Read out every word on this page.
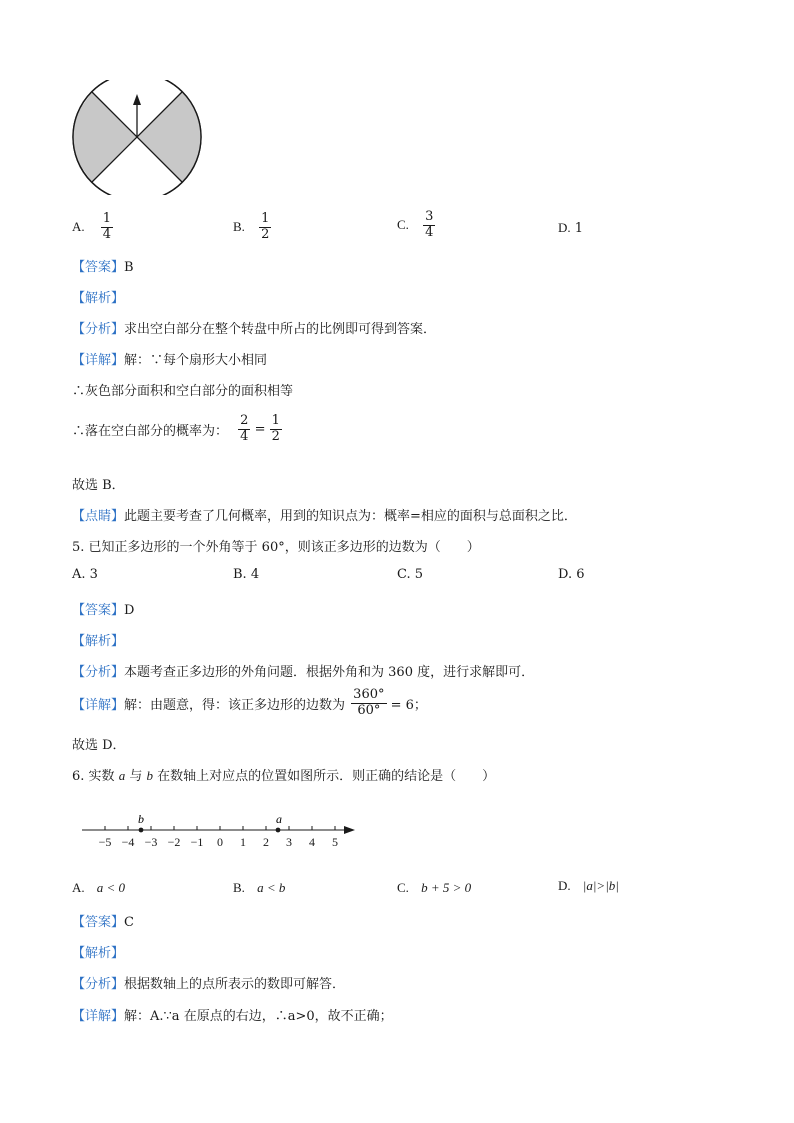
A. $\frac{1}{4}$	B. $\frac{1}{2}$	C. $\frac{3}{4}$	D. 1
【答案】B
【解析】
【分析】求出空白部分在整个转盘中所占的比例即可得到答案．
【详解】解：∵每个扇形大小相同
∴灰色部分面积和空白部分的面积相等
∴落在空白部分的概率为： $\frac{2}{4} = \frac{1}{2}$
故选 B．
【点睛】此题主要考查了几何概率，用到的知识点为：概率=相应的面积与总面积之比．
5. 已知正多边形的一个外角等于 60°，则该正多边形的边数为（　　）
A. 3	B. 4	C. 5	D. 6
【答案】D
【解析】
【分析】本题考查正多边形的外角问题．根据外角和为 360 度，进行求解即可．
【详解】解：由题意，得：该正多边形的边数为 $\frac{360^\circ}{60^\circ} = 6$；
故选 D．
6. 实数 a 与 b 在数轴上对应点的位置如图所示．则正确的结论是（　　）
−5 −4 −3 −2 −1 0 1 2 3 4 5
b	a
A. a < 0	B. a < b	C. b + 5 > 0	D. |a|>|b|
【答案】C
【解析】
【分析】根据数轴上的点所表示的数即可解答．
【详解】解：A.∵a 在原点的右边，∴a>0，故不正确；
